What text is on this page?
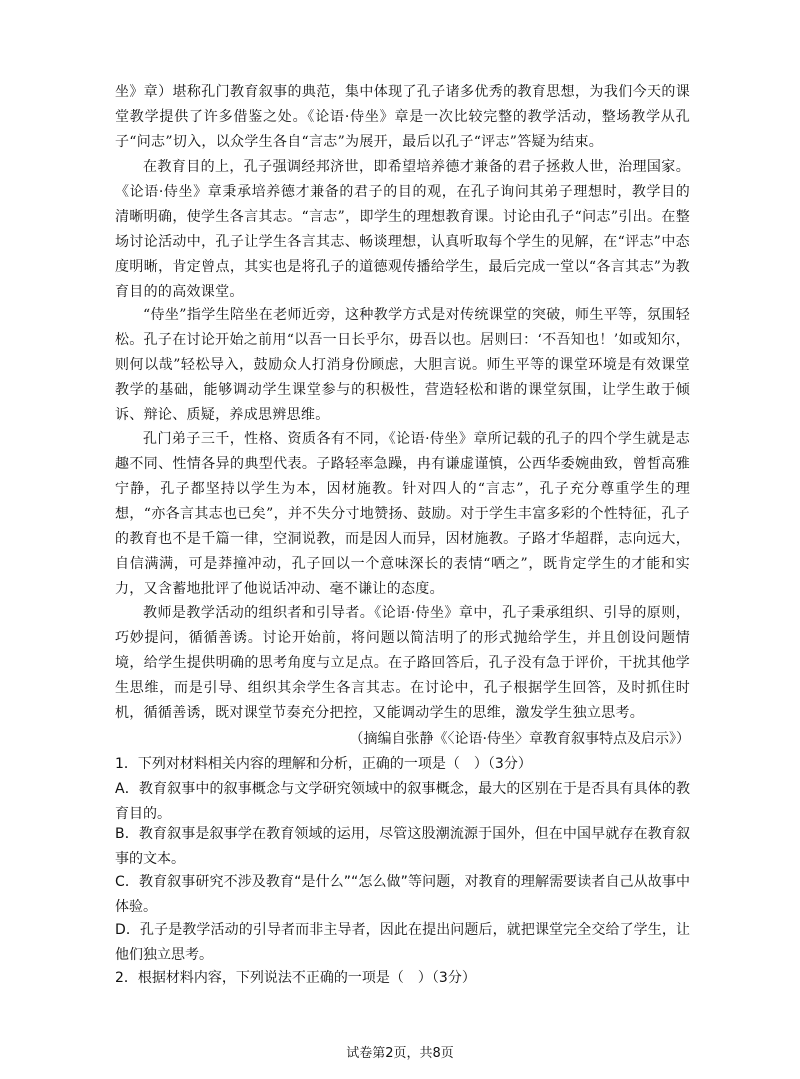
坐》章）堪称孔门教育叙事的典范，集中体现了孔子诸多优秀的教育思想，为我们今天的课堂教学提供了许多借鉴之处。《论语·侍坐》章是一次比较完整的教学活动，整场教学从孔子“问志”切入，以众学生各自“言志”为展开，最后以孔子“评志”答疑为结束。

在教育目的上，孔子强调经邦济世，即希望培养德才兼备的君子拯救人世，治理国家。《论语·侍坐》章秉承培养德才兼备的君子的目的观，在孔子询问其弟子理想时，教学目的清晰明确，使学生各言其志。“言志”，即学生的理想教育课。讨论由孔子“问志”引出。在整场讨论活动中，孔子让学生各言其志、畅谈理想，认真听取每个学生的见解，在“评志”中态度明晰，肯定曾点，其实也是将孔子的道德观传播给学生，最后完成一堂以“各言其志”为教育目的的高效课堂。

“侍坐”指学生陪坐在老师近旁，这种教学方式是对传统课堂的突破，师生平等，氛围轻松。孔子在讨论开始之前用“以吾一日长乎尔，毋吾以也。居则曰：‘不吾知也！’如或知尔，则何以哉”轻松导入，鼓励众人打消身份顾虑，大胆言说。师生平等的课堂环境是有效课堂教学的基础，能够调动学生课堂参与的积极性，营造轻松和谐的课堂氛围，让学生敢于倾诉、辩论、质疑，养成思辨思维。

孔门弟子三千，性格、资质各有不同，《论语·侍坐》章所记载的孔子的四个学生就是志趣不同、性情各异的典型代表。子路轻率急躁，冉有谦虚谨慎，公西华委婉曲致，曾皙高雅宁静，孔子都坚持以学生为本，因材施教。针对四人的“言志”，孔子充分尊重学生的理想，“亦各言其志也已矣”，并不失分寸地赞扬、鼓励。对于学生丰富多彩的个性特征，孔子的教育也不是千篇一律，空洞说教，而是因人而异，因材施教。子路才华超群，志向远大，自信满满，可是莽撞冲动，孔子回以一个意味深长的表情“哂之”，既肯定学生的才能和实力，又含蓄地批评了他说话冲动、毫不谦让的态度。

教师是教学活动的组织者和引导者。《论语·侍坐》章中，孔子秉承组织、引导的原则，巧妙提问，循循善诱。讨论开始前，将问题以简洁明了的形式抛给学生，并且创设问题情境，给学生提供明确的思考角度与立足点。在子路回答后，孔子没有急于评价，干扰其他学生思维，而是引导、组织其余学生各言其志。在讨论中，孔子根据学生回答，及时抓住时机，循循善诱，既对课堂节奏充分把控，又能调动学生的思维，激发学生独立思考。

（摘编自张静《〈论语·侍坐〉章教育叙事特点及启示》）

1．下列对材料相关内容的理解和分析，正确的一项是（　）（3分）

A．教育叙事中的叙事概念与文学研究领域中的叙事概念，最大的区别在于是否具有具体的教育目的。

B．教育叙事是叙事学在教育领域的运用，尽管这股潮流源于国外，但在中国早就存在教育叙事的文本。

C．教育叙事研究不涉及教育“是什么”“怎么做”等问题，对教育的理解需要读者自己从故事中体验。

D．孔子是教学活动的引导者而非主导者，因此在提出问题后，就把课堂完全交给了学生，让他们独立思考。

2．根据材料内容，下列说法不正确的一项是（　）（3分）

试卷第2页，共8页
